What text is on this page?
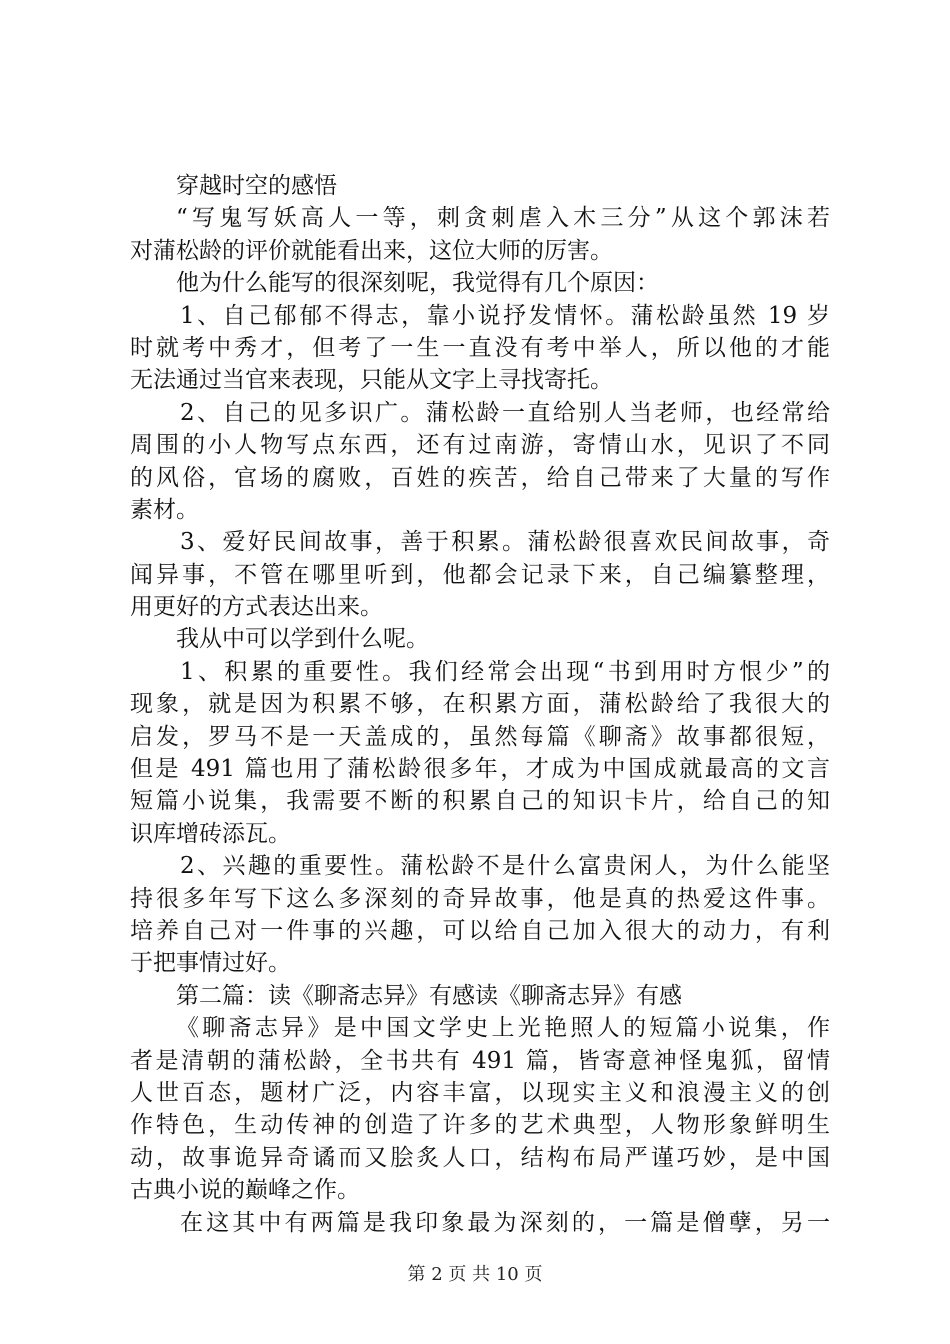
穿越时空的感悟
“写鬼写妖高人一等，刺贪刺虐入木三分”从这个郭沫若
对蒲松龄的评价就能看出来，这位大师的厉害。
他为什么能写的很深刻呢，我觉得有几个原因：
1、自己郁郁不得志，靠小说抒发情怀。蒲松龄虽然 19 岁
时就考中秀才，但考了一生一直没有考中举人，所以他的才能
无法通过当官来表现，只能从文字上寻找寄托。
2、自己的见多识广。蒲松龄一直给别人当老师，也经常给
周围的小人物写点东西，还有过南游，寄情山水，见识了不同
的风俗，官场的腐败，百姓的疾苦，给自己带来了大量的写作
素材。
3、爱好民间故事，善于积累。蒲松龄很喜欢民间故事，奇
闻异事，不管在哪里听到，他都会记录下来，自己编纂整理，
用更好的方式表达出来。
我从中可以学到什么呢。
1、积累的重要性。我们经常会出现“书到用时方恨少”的
现象，就是因为积累不够，在积累方面，蒲松龄给了我很大的
启发，罗马不是一天盖成的，虽然每篇《聊斋》故事都很短，
但是 491 篇也用了蒲松龄很多年，才成为中国成就最高的文言
短篇小说集，我需要不断的积累自己的知识卡片，给自己的知
识库增砖添瓦。
2、兴趣的重要性。蒲松龄不是什么富贵闲人，为什么能坚
持很多年写下这么多深刻的奇异故事，他是真的热爱这件事。
培养自己对一件事的兴趣，可以给自己加入很大的动力，有利
于把事情过好。
第二篇：读《聊斋志异》有感读《聊斋志异》有感
《聊斋志异》是中国文学史上光艳照人的短篇小说集，作
者是清朝的蒲松龄，全书共有 491 篇，皆寄意神怪鬼狐，留情
人世百态，题材广泛，内容丰富，以现实主义和浪漫主义的创
作特色，生动传神的创造了许多的艺术典型，人物形象鲜明生
动，故事诡异奇谲而又脍炙人口，结构布局严谨巧妙，是中国
古典小说的巅峰之作。
在这其中有两篇是我印象最为深刻的，一篇是僧孽，另一
第 2 页 共 10 页
